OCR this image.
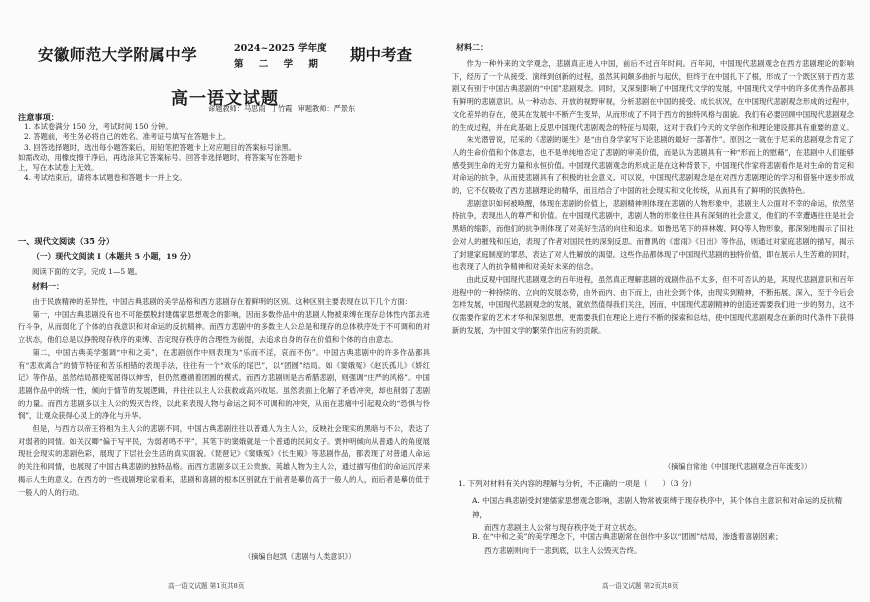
安徽师范大学附属中学	2024~2025 学年度
第 二 学 期
期中考查
高一语文试题
命题教师：马思雨 丁竹霞 审题教师：严景东
注意事项：
1. 本试卷满分 150 分，考试时间 150 分钟。
2. 答题前，考生务必将自己的姓名、准考证号填写在答题卡上。
3. 回答选择题时，选出每小题答案后，用铅笔把答题卡上对应题目的答案标号涂黑。
如需改动，用橡皮擦干净后，再选涂其它答案标号。回答非选择题时，将答案写在答题卡
上，写在本试卷上无效。
4. 考试结束后，请将本试题卷和答题卡一并上交。
一、现代文阅读（35 分）
（一）现代文阅读 I（本题共 5 小题，19 分）
阅读下面的文字，完成 1—5 题。
材料一：

由于民族精神的差异性，中国古典悲剧的美学品格和西方悲剧存在着鲜明的区别。这种区别主要表现在以下几个方面：

第一，中国古典悲剧没有也不可能摆脱封建儒家思想观念的影响，因而多数作品中的悲剧人物被束缚在现存总体性内部去进行斗争，从而弱化了个体的自我意识和对命运的反抗精神。而西方悲剧中的多数主人公总是和现存的总体秩序处于不可调和的对立状态，他们总是以挣脱现存秩序的束缚、否定现存秩序的合理性为前提，去追求自身的存在价值和个体的自由意志。

第二，中国古典美学强调“中和之美”，在悲剧创作中则表现为“乐而不淫，哀而不伤”。中国古典悲剧中的许多作品都具有“悲欢离合”的情节特征和苦乐相错的表现手法，往往有一个“欢乐的尾巴”，以“团圆”结局。如《窦娥冤》《赵氏孤儿》《娇红记》等作品，虽然结局都使冤屈得以伸雪，但仍然遵循着团圆的模式。而西方悲剧则是古希腊悲剧，则强调“庄严的风格”。中国悲剧作品中的统一性，倾向于情节的发展逻辑，并往往以主人公获救或高兴收尾。虽然表面上化解了矛盾冲突，却也削弱了悲剧的力量。而西方悲剧多以主人公的毁灭告终，以此来表现人物与命运之间不可调和的冲突，从而在悲痛中引起观众的“恐惧与怜悯”，让观众获得心灵上的净化与升华。

但是，与西方以帝王将相为主人公的悲剧不同，中国古典悲剧往往以普通人为主人公，反映社会现实的黑暗与不公，表达了对弱者的同情。如关汉卿“偏于写平民，为弱者鸣不平”，其笔下的窦娥就是一个普通的民间女子。贾仲明倾向从普通人的角度展现社会现实的悲剧色彩，展现了下层社会生活的真实面貌。《琵琶记》《窦娥冤》《长生殿》等悲剧作品，都表现了对普通人命运的关注和同情，也展现了中国古典悲剧的独特品格。而西方悲剧多以王公贵族、英雄人物为主人公，通过描写他们的命运沉浮来揭示人生的意义。在西方的一些戏剧理论家看来，悲剧和喜剧的根本区别就在于前者是摹仿高于一般人的人，而后者是摹仿低于一般人的人的行动。

（摘编自赵凯《悲剧与人类意识》）
高一语文试题 第1页共8页
材料二：

作为一种外来的文学观念，悲剧真正进入中国，前后不过百年时间。百年间，中国现代悲剧观念在西方悲剧理论的影响下，经历了一个从接受、演绎到创新的过程，虽然其间颇多曲折与起伏，但终于在中国扎下了根，形成了一个既区别于西方悲剧又有别于中国古典悲剧的“中国”悲剧观念。同时，又深刻影响了中国现代文学的发展，中国现代文学中的许多优秀作品都具有鲜明的悲剧意识。从一种动态、开放的视野审视，分析悲剧在中国的接受、成长状况，在中国现代悲剧观念形成的过程中，文化差异的存在，使其在发展中不断产生变异，从而形成了不同于西方的独特风格与面貌。我们有必要回顾中国现代悲剧观念的生成过程，并在此基础上反思中国现代悲剧观念的特征与局限，这对于我们今天的文学创作和理论建设都具有重要的意义。

朱光潜曾说，尼采的《悲剧的诞生》是“由自身学家写下论悲剧的最好一部著作”。原因之一就在于尼采的悲剧观念肯定了人的生命价值和个体意志，也不是单纯地否定了悲剧的审美价值，而是认为悲剧具有一种“形而上的慰藉”，在悲剧中人们能够感受到生命的无穷力量和永恒价值。中国现代悲剧观念的形成正是在这种背景下，中国现代作家将悲剧看作是对生命的肯定和对命运的抗争，从而使悲剧具有了积极的社会意义。可以说，中国现代悲剧观念是在对西方悲剧理论的学习和借鉴中逐步形成的，它不仅吸收了西方悲剧理论的精华，而且结合了中国的社会现实和文化传统，从而具有了鲜明的民族特色。

悲剧意识如何被唤醒，体现在悲剧的价值上，悲剧精神则体现在悲剧的人物形象中，悲剧主人公面对不幸的命运，依然坚持抗争，表现出人的尊严和价值。在中国现代悲剧中，悲剧人物的形象往往具有深刻的社会意义，他们的不幸遭遇往往是社会黑暗的缩影，而他们的抗争则体现了对美好生活的向往和追求。如鲁迅笔下的祥林嫂、阿Q等人物形象，都深刻地揭示了旧社会对人的摧残和压迫，表现了作者对国民性的深刻反思。而曹禺的《雷雨》《日出》等作品，则通过对家庭悲剧的描写，揭示了封建家庭制度的罪恶，表达了对人性解放的渴望。这些作品都体现了中国现代悲剧的独特价值，即在展示人生苦难的同时，也表现了人的抗争精神和对美好未来的信念。

由此反观中国现代悲剧观念的百年进程，虽然真正理解悲剧的戏剧作品不太多，但不可否认的是，其现代悲剧意识和百年进程中的一种持续的、立向的发展态势，由外而内、由下而上，由社会到个体，由现实到精神，不断拓展、深入，至于今后会怎样发展，中国现代悲剧观念的发展，就依然值得我们关注，因而，中国现代悲剧精神的创造还需要我们进一步的努力，这不仅需要作家的艺术才华和深刻思想，更需要我们在理论上进行不断的探索和总结，使中国现代悲剧观念在新的时代条件下获得新的发展，为中国文学的繁荣作出应有的贡献。

（摘编自常池《中国现代悲剧观念百年流变》）
1. 下列对材料有关内容的理解与分析，不正确的一项是（　　）（3 分）

A. 中国古典悲剧受封建儒家思想观念影响，悲剧人物常被束缚于现存秩序中，其个体自主意识和对命运的反抗精神，

而西方悲剧主人公常与现存秩序处于对立状态。

B. 在“中和之美”的美学理念下，中国古典悲剧常在创作中多以“团圆”结局，渗透着喜剧因素；

西方悲剧则向于一悲到底，以主人公毁灭告终。

高一语文试题 第2页共8页
